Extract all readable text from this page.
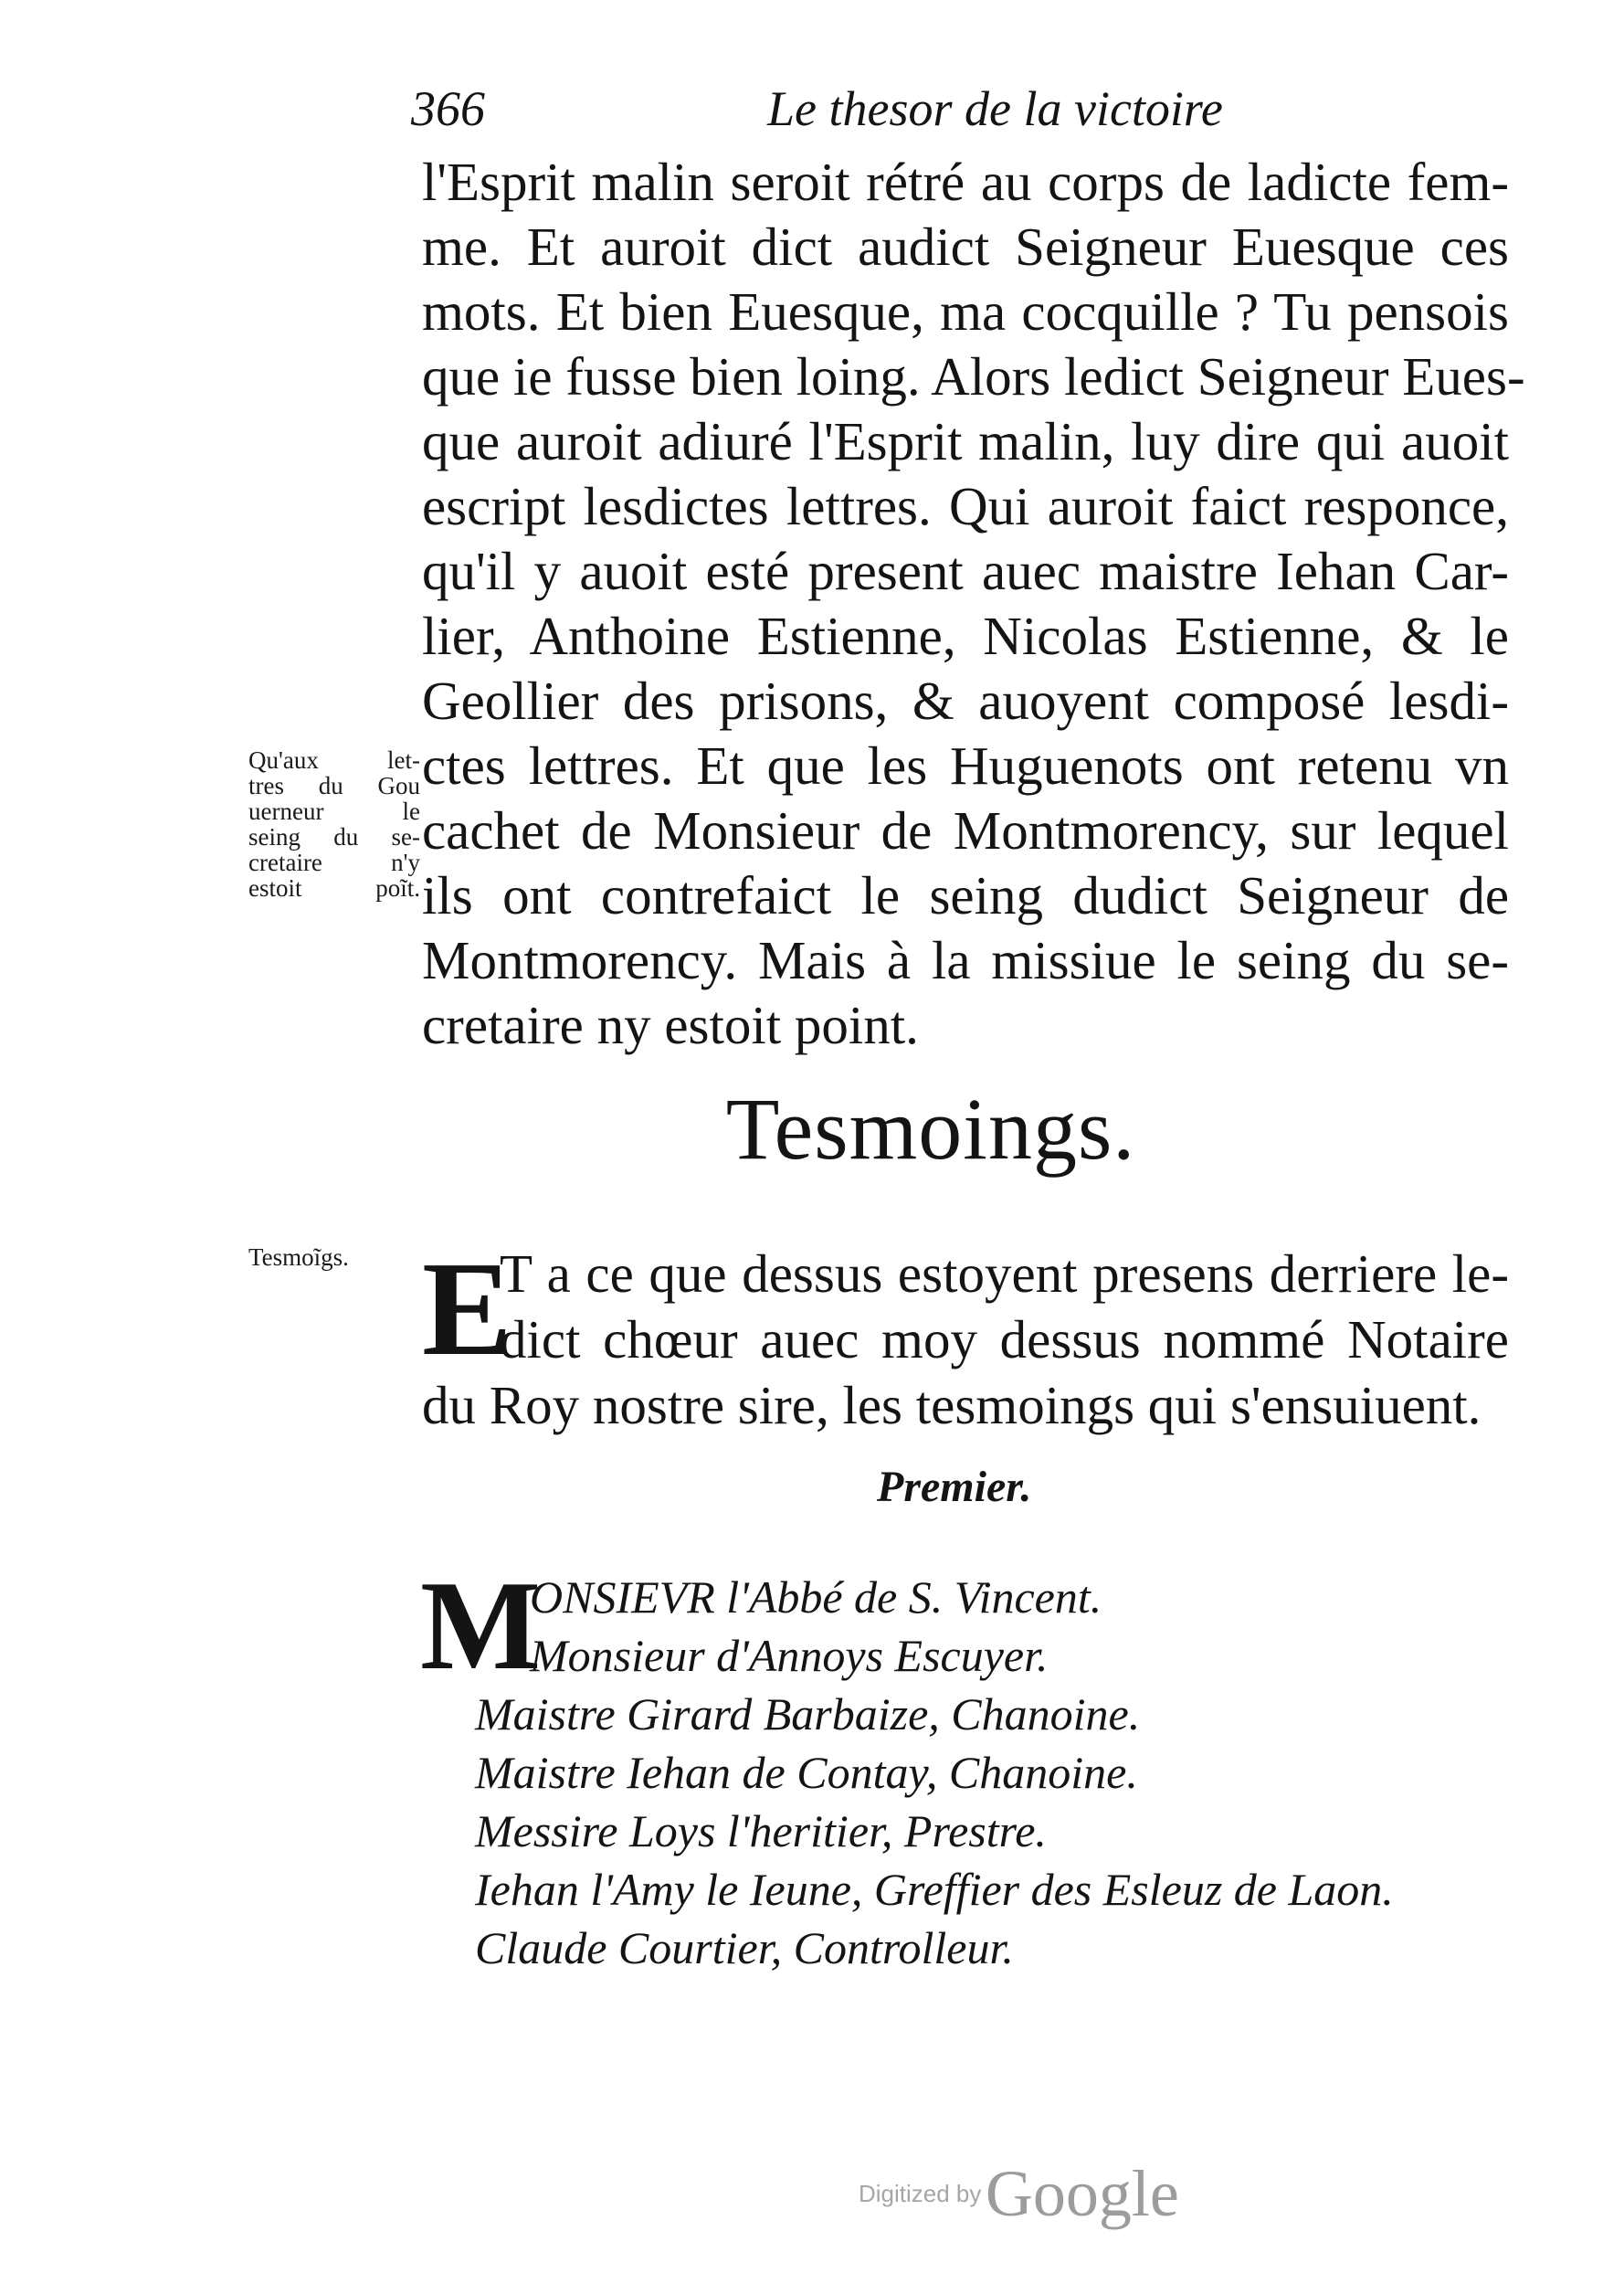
366	Le thesor de la victoire
l'Esprit malin seroit rétré au corps de ladicte fem-
me. Et auroit dict audict Seigneur Euesque ces
mots. Et bien Euesque, ma cocquille ? Tu pensois
que ie fusse bien loing. Alors ledict Seigneur Eues-
que auroit adiuré l'Esprit malin, luy dire qui auoit
escript lesdictes lettres. Qui auroit faict responce,
qu'il y auoit esté present auec maistre Iehan Car-
lier, Anthoine Estienne, Nicolas Estienne, & le
Geollier des prisons, & auoyent composé lesdi-
ctes lettres. Et que les Huguenots ont retenu vn
cachet de Monsieur de Montmorency, sur lequel
ils ont contrefaict le seing dudict Seigneur de
Montmorency. Mais à la missiue le seing du se-
cretaire ny estoit point.
Qu'aux let-
tres du Gou
uerneur le
seing du se-
cretaire n'y
estoit poĩt.
Tesmoings.
Tesmoĩgs. E
T a ce que dessus estoyent presens derriere le-
dict chœur auec moy dessus nommé Notaire
du Roy nostre sire, les tesmoings qui s'ensuiuent.
Premier.
M
ONSIEVR l'Abbé de S. Vincent.
Monsieur d'Annoys Escuyer.
Maistre Girard Barbaize, Chanoine.
Maistre Iehan de Contay, Chanoine.
Messire Loys l'heritier, Prestre.
Iehan l'Amy le Ieune, Greffier des Esleuz de Laon.
Claude Courtier, Controlleur.
Digitized by Google
